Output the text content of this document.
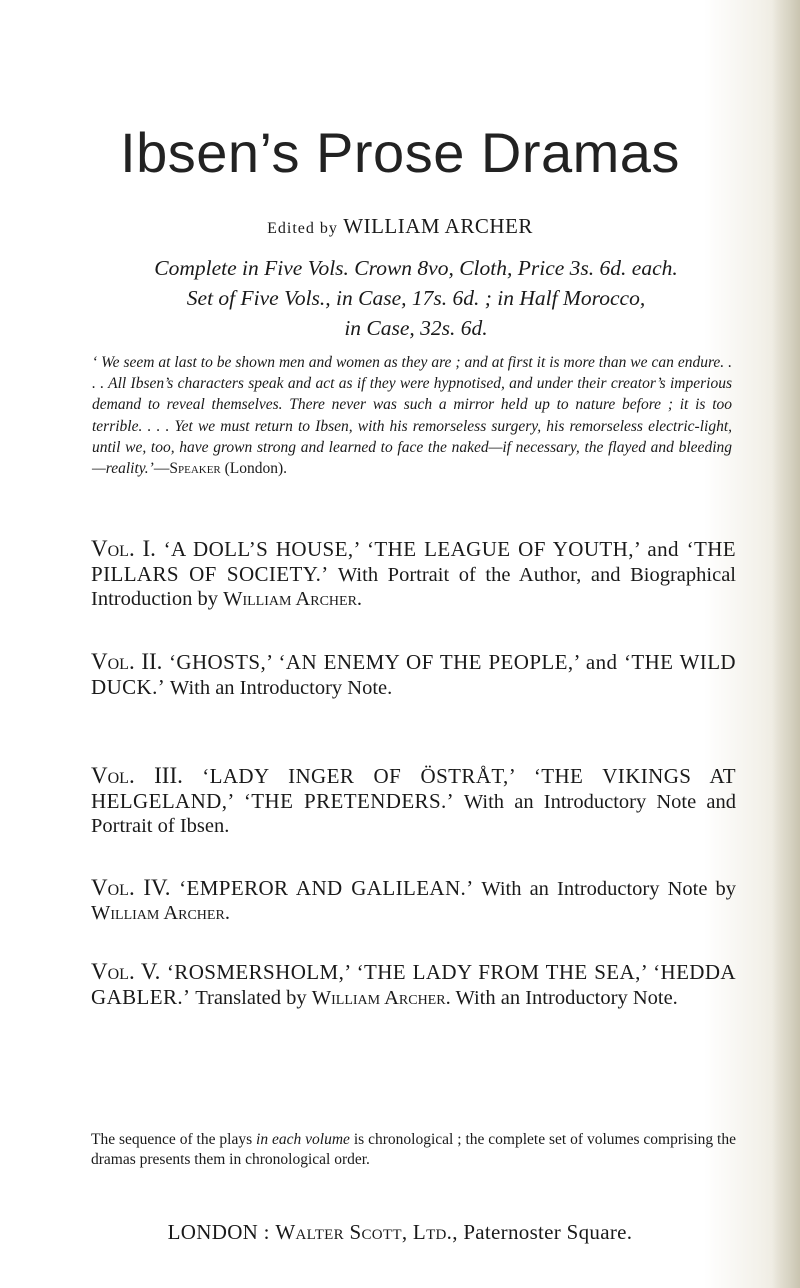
Ibsen’s Prose Dramas
Edited by WILLIAM ARCHER
Complete in Five Vols. Crown 8vo, Cloth, Price 3s. 6d. each.
Set of Five Vols., in Case, 17s. 6d. ; in Half Morocco,
in Case, 32s. 6d.
‘ We seem at last to be shown men and women as they are ; and at first it is more than we can endure. . . . All Ibsen’s characters speak and act as if they were hypnotised, and under their creator’s imperious demand to reveal themselves. There never was such a mirror held up to nature before ; it is too terrible. . . . Yet we must return to Ibsen, with his remorseless surgery, his remorseless electric-light, until we, too, have grown strong and learned to face the naked—if necessary, the flayed and bleeding—reality.’—Speaker (London).
Vol. I. ‘A DOLL’S HOUSE,’ ‘THE LEAGUE OF YOUTH,’ and ‘THE PILLARS OF SOCIETY.’ With Portrait of the Author, and Biographical Introduction by William Archer.
Vol. II. ‘GHOSTS,’ ‘AN ENEMY OF THE PEOPLE,’ and ‘THE WILD DUCK.’ With an Introductory Note.
Vol. III. ‘LADY INGER OF ÖSTRÅT,’ ‘THE VIKINGS AT HELGELAND,’ ‘THE PRETENDERS.’ With an Introductory Note and Portrait of Ibsen.
Vol. IV. ‘EMPEROR AND GALILEAN.’ With an Introductory Note by William Archer.
Vol. V. ‘ROSMERSHOLM,’ ‘THE LADY FROM THE SEA,’ ‘HEDDA GABLER.’ Translated by William Archer. With an Introductory Note.
The sequence of the plays in each volume is chronological ; the complete set of volumes comprising the dramas presents them in chronological order.
LONDON : Walter Scott, Ltd., Paternoster Square.
